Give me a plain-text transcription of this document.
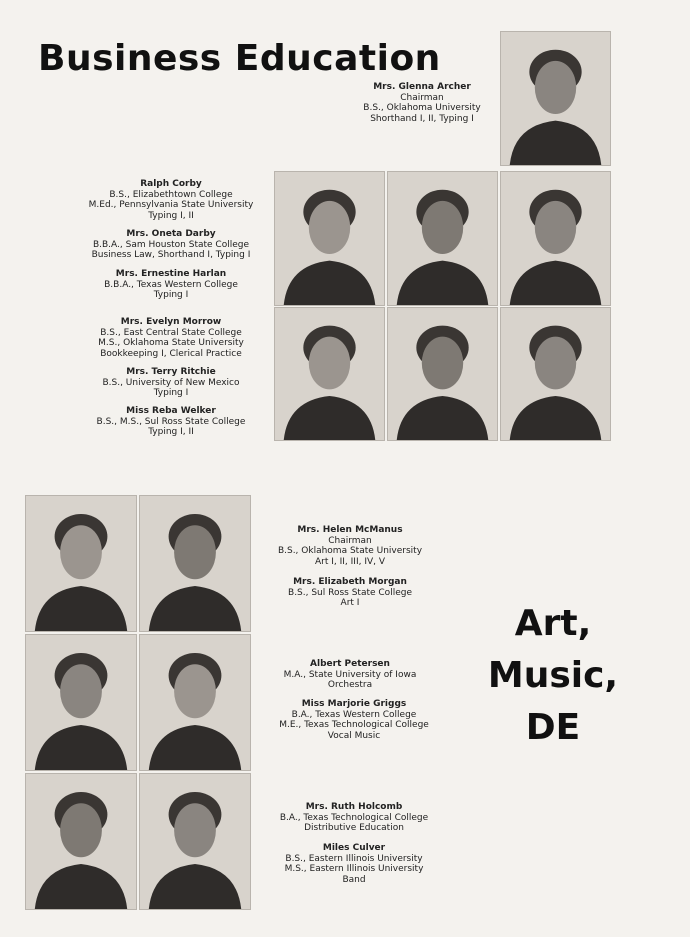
Business Education
Art,
Music,
DE
Mrs. Glenna Archer
Chairman
B.S., Oklahoma University
Shorthand I, II, Typing I
Ralph Corby
B.S., Elizabethtown College
M.Ed., Pennsylvania State University
Typing I, II
Mrs. Oneta Darby
B.B.A., Sam Houston State College
Business Law, Shorthand I, Typing I
Mrs. Ernestine Harlan
B.B.A., Texas Western College
Typing I
Mrs. Evelyn Morrow
B.S., East Central State College
M.S., Oklahoma State University
Bookkeeping I, Clerical Practice
Mrs. Terry Ritchie
B.S., University of New Mexico
Typing I
Miss Reba Welker
B.S., M.S., Sul Ross State College
Typing I, II
Mrs. Helen McManus
Chairman
B.S., Oklahoma State University
Art I, II, III, IV, V
Mrs. Elizabeth Morgan
B.S., Sul Ross State College
Art I
Albert Petersen
M.A., State University of Iowa
Orchestra
Miss Marjorie Griggs
B.A., Texas Western College
M.E., Texas Technological College
Vocal Music
Mrs. Ruth Holcomb
B.A., Texas Technological College
Distributive Education
Miles Culver
B.S., Eastern Illinois University
M.S., Eastern Illinois University
Band
